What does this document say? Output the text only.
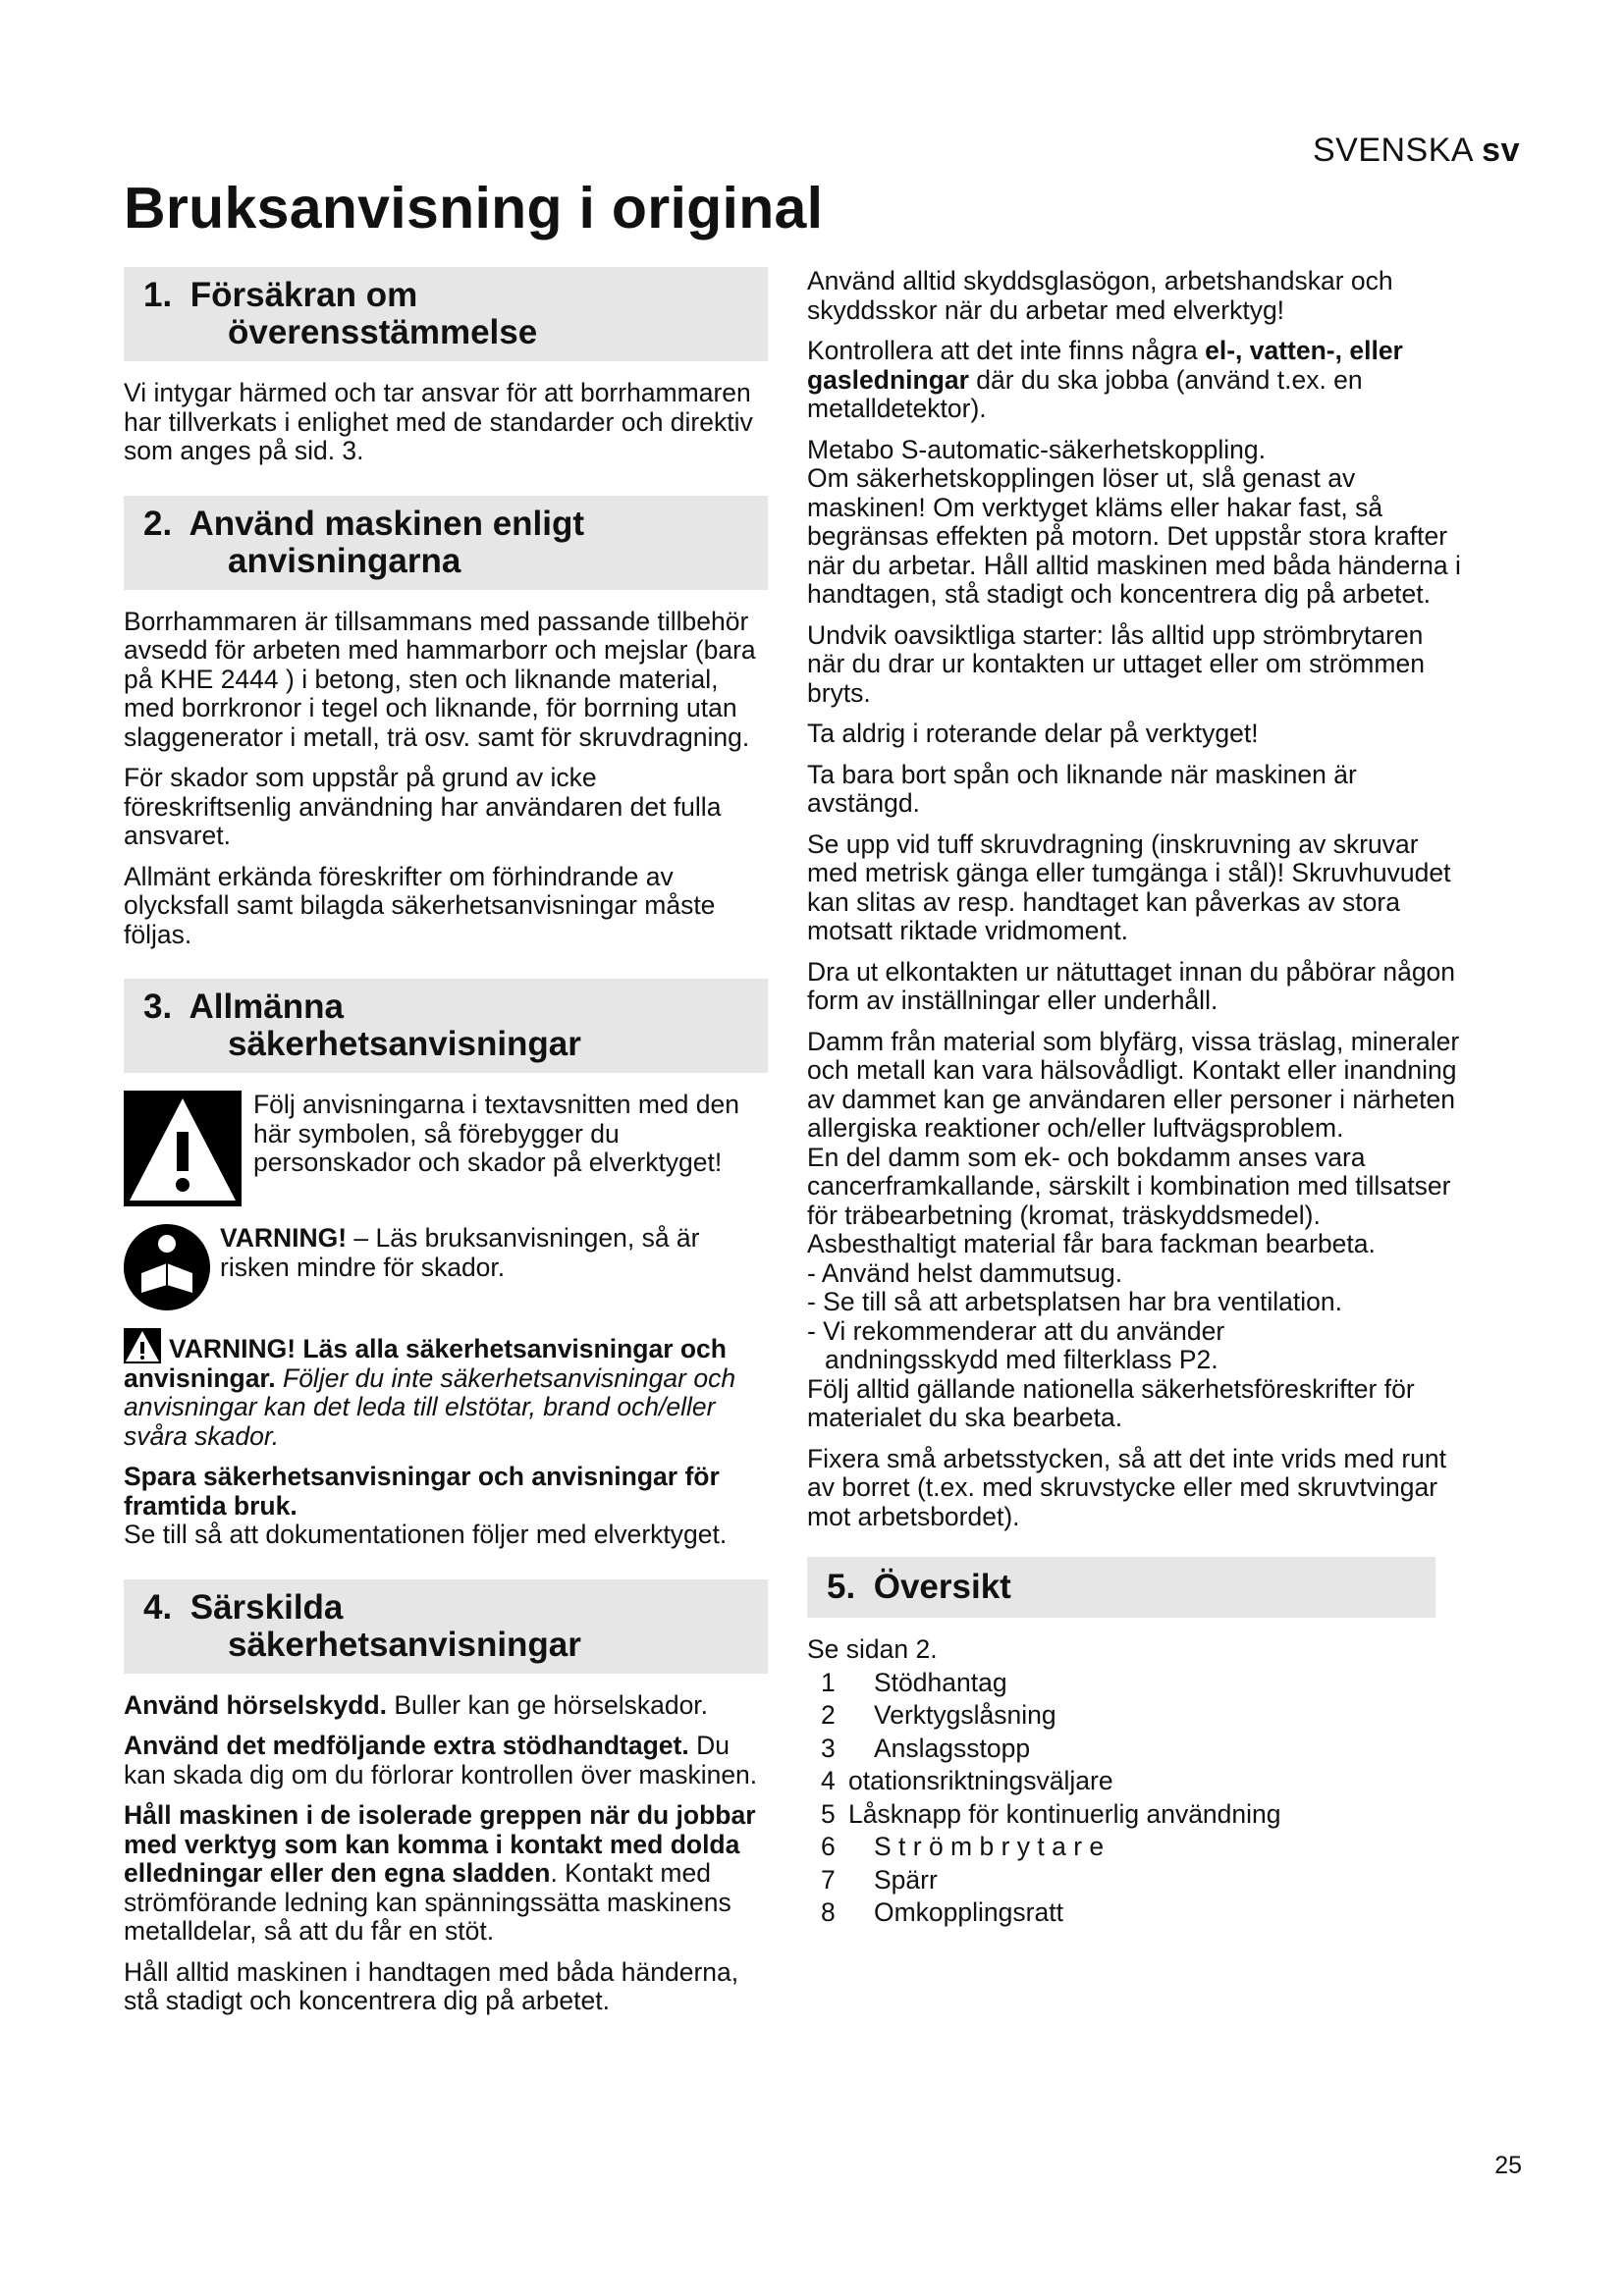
SVENSKA sv
Bruksanvisning i original
1. Försäkran om
överensstämmelse

Vi intygar härmed och tar ansvar för att borrhammaren har tillverkats i enlighet med de standarder och direktiv som anges på sid. 3.

2. Använd maskinen enligt
anvisningarna

Borrhammaren är tillsammans med passande tillbehör avsedd för arbeten med hammarborr och mejslar (bara på KHE 2444 ) i betong, sten och liknande material, med borrkronor i tegel och liknande, för borrning utan slaggenerator i metall, trä osv. samt för skruvdragning.

För skador som uppstår på grund av icke föreskriftsenlig användning har användaren det fulla ansvaret.

Allmänt erkända föreskrifter om förhindrande av olycksfall samt bilagda säkerhetsanvisningar måste följas.

3. Allmänna
säkerhetsanvisningar
Följ anvisningarna i textavsnitten med den här symbolen, så förebygger du personskador och skador på elverktyget!
VARNING! – Läs bruksanvisningen, så är risken mindre för skador.

VARNING! Läs alla säkerhetsanvisningar och anvisningar. Följer du inte säkerhetsanvisningar och anvisningar kan det leda till elstötar, brand och/eller svåra skador.

Spara säkerhetsanvisningar och anvisningar för framtida bruk.
Se till så att dokumentationen följer med elverktyget.

4. Särskilda
säkerhetsanvisningar

Använd hörselskydd. Buller kan ge hörselskador.

Använd det medföljande extra stödhandtaget. Du kan skada dig om du förlorar kontrollen över maskinen.

Håll maskinen i de isolerade greppen när du jobbar med verktyg som kan komma i kontakt med dolda elledningar eller den egna sladden. Kontakt med strömförande ledning kan spänningssätta maskinens metalldelar, så att du får en stöt.

Håll alltid maskinen i handtagen med båda händerna, stå stadigt och koncentrera dig på arbetet.

Använd alltid skyddsglasögon, arbetshandskar och skyddsskor när du arbetar med elverktyg!

Kontrollera att det inte finns några el-, vatten-, eller gasledningar där du ska jobba (använd t.ex. en metalldetektor).

Metabo S-automatic-säkerhetskoppling.

Om säkerhetskopplingen löser ut, slå genast av maskinen! Om verktyget kläms eller hakar fast, så begränsas effekten på motorn. Det uppstår stora krafter när du arbetar. Håll alltid maskinen med båda händerna i handtagen, stå stadigt och koncentrera dig på arbetet.

Undvik oavsiktliga starter: lås alltid upp strömbrytaren när du drar ur kontakten ur uttaget eller om strömmen bryts.

Ta aldrig i roterande delar på verktyget!

Ta bara bort spån och liknande när maskinen är avstängd.

Se upp vid tuff skruvdragning (inskruvning av skruvar med metrisk gänga eller tumgänga i stål)! Skruvhuvudet kan slitas av resp. handtaget kan påverkas av stora motsatt riktade vridmoment.

Dra ut elkontakten ur nätuttaget innan du påbörar någon form av inställningar eller underhåll.

Damm från material som blyfärg, vissa träslag, mineraler och metall kan vara hälsovådligt. Kontakt eller inandning av dammet kan ge användaren eller personer i närheten allergiska reaktioner och/eller luftvägsproblem.

En del damm som ek- och bokdamm anses vara cancerframkallande, särskilt i kombination med tillsatser för träbearbetning (kromat, träskyddsmedel). Asbesthaltigt material får bara fackman bearbeta.

- Använd helst dammutsug.
- Se till så att arbetsplatsen har bra ventilation.
- Vi rekommenderar att du använder
andningsskydd med filterklass P2.

Följ alltid gällande nationella säkerhetsföreskrifter för materialet du ska bearbeta.

Fixera små arbetsstycken, så att det inte vrids med runt av borret (t.ex. med skruvstycke eller med skruvtvingar mot arbetsbordet).

5. Översikt

Se sidan 2.

1	Stödhantag
2	Verktygslåsning
3	Anslagsstopp
4 otationsriktningsväljare
5 Låsknapp för kontinuerlig användning
6	S t r ö m b r y t a r e
7	Spärr
8	Omkopplingsratt
25
